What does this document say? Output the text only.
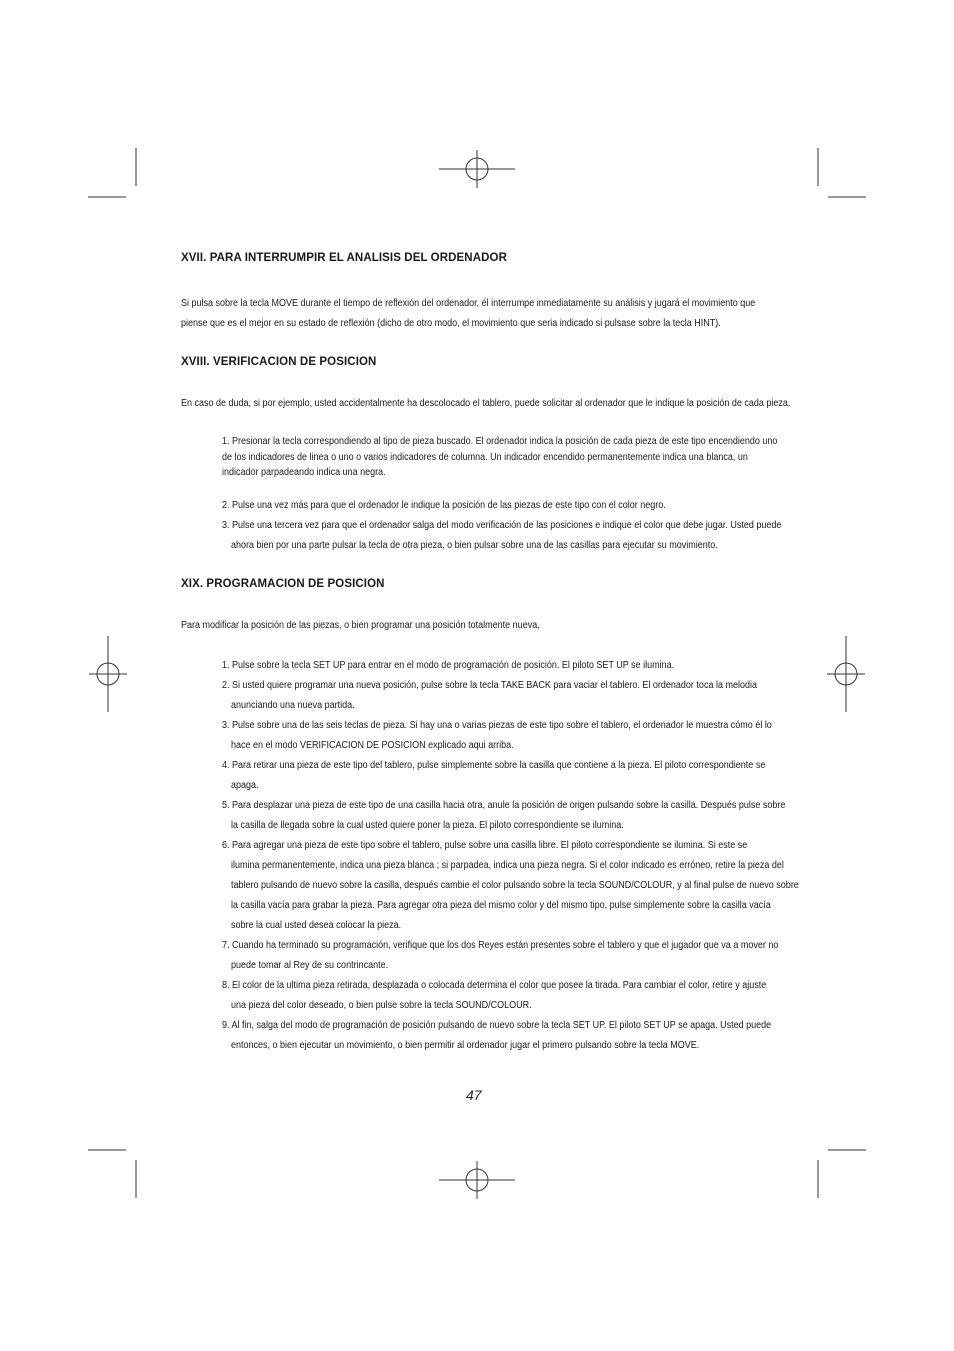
XVII. PARA INTERRUMPIR EL ANALISIS DEL ORDENADOR

Si pulsa sobre la tecla MOVE durante el tiempo de reflexión del ordenador, él interrumpe inmediatamente su análisis y jugará el movimiento que

piense que es el mejor en su estado de reflexión (dicho de otro modo, el movimiento que seria indicado si pulsase sobre la tecla HINT).

XVIII. VERIFICACION DE POSICION

En caso de duda, si por ejemplo, usted accidentalmente ha descolocado el tablero, puede solicitar al ordenador que le indique la posición de cada pieza.

1. Presionar la tecla correspondiendo al tipo de pieza buscado. El ordenador indica la posición de cada pieza de este tipo encendiendo uno
de los indicadores de linea o uno o varios indicadores de columna. Un indicador encendido permanentemente indica una blanca, un
indicador parpadeando indica una negra.
2. Pulse una vez más para que el ordenador le indique la posición de las piezas de este tipo con el color negro.
3. Pulse una tercera vez para que el ordenador salga del modo verificación de las posiciones e indique el color que debe jugar. Usted puede
ahora bien por una parte pulsar la tecla de otra pieza, o bien pulsar sobre una de las casillas para ejecutar su movimiento.
XIX. PROGRAMACION DE POSICION

Para modificar la posición de las piezas, o bien programar una posición totalmente nueva,

1. Pulse sobre la tecla SET UP para entrar en el modo de programación de posición. El piloto SET UP se ilumina.
2. Si usted quiere programar una nueva posición, pulse sobre la tecla TAKE BACK para vaciar el tablero. El ordenador toca la melodia
anunciando una nueva partida.
3. Pulse sobre una de las seis teclas de pieza. Si hay una o varias piezas de este tipo sobre el tablero, el ordenador le muestra cómo él lo
hace en el modo VERIFICACION DE POSICION explicado aqui arriba.
4. Para retirar una pieza de este tipo del tablero, pulse simplemente sobre la casilla que contiene a la pieza. El piloto correspondiente se
apaga.
5. Para desplazar una pieza de este tipo de una casilla hacia otra, anule la posición de origen pulsando sobre la casilla. Después pulse sobre
la casilla de llegada sobre la cual usted quiere poner la pieza. El piloto correspondiente se ilumina.
6. Para agregar una pieza de este tipo sobre el tablero, pulse sobre una casilla libre. El piloto correspondiente se ilumina. Si este se
ilumina permanentemente, indica una pieza blanca ; si parpadea, indica una pieza negra. Si el color indicado es erróneo, retire la pieza del
tablero pulsando de nuevo sobre la casilla, después cambie el color pulsando sobre la tecla SOUND/COLOUR, y al final pulse de nuevo sobre
la casilla vacía para grabar la pieza. Para agregar otra pieza del mismo color y del mismo tipo, pulse simplemente sobre la casilla vacía
sobre la cual usted desea colocar la pieza.
7. Cuando ha terminado su programación, verifique que los dos Reyes están presentes sobre el tablero y que el jugador que va a mover no
puede tomar al Rey de su contrincante.
8. El color de la ultima pieza retirada, desplazada o colocada determina el color que posee la tirada. Para cambiar el color, retire y ajuste
una pieza del color deseado, o bien pulse sobre la tecla SOUND/COLOUR.
9. Al fin, salga del modo de programación de posición pulsando de nuevo sobre la tecla SET UP. El piloto SET UP se apaga. Usted puede
entonces, o bien ejecutar un movimiento, o bien permitir al ordenador jugar el primero pulsando sobre la tecla MOVE.
47
